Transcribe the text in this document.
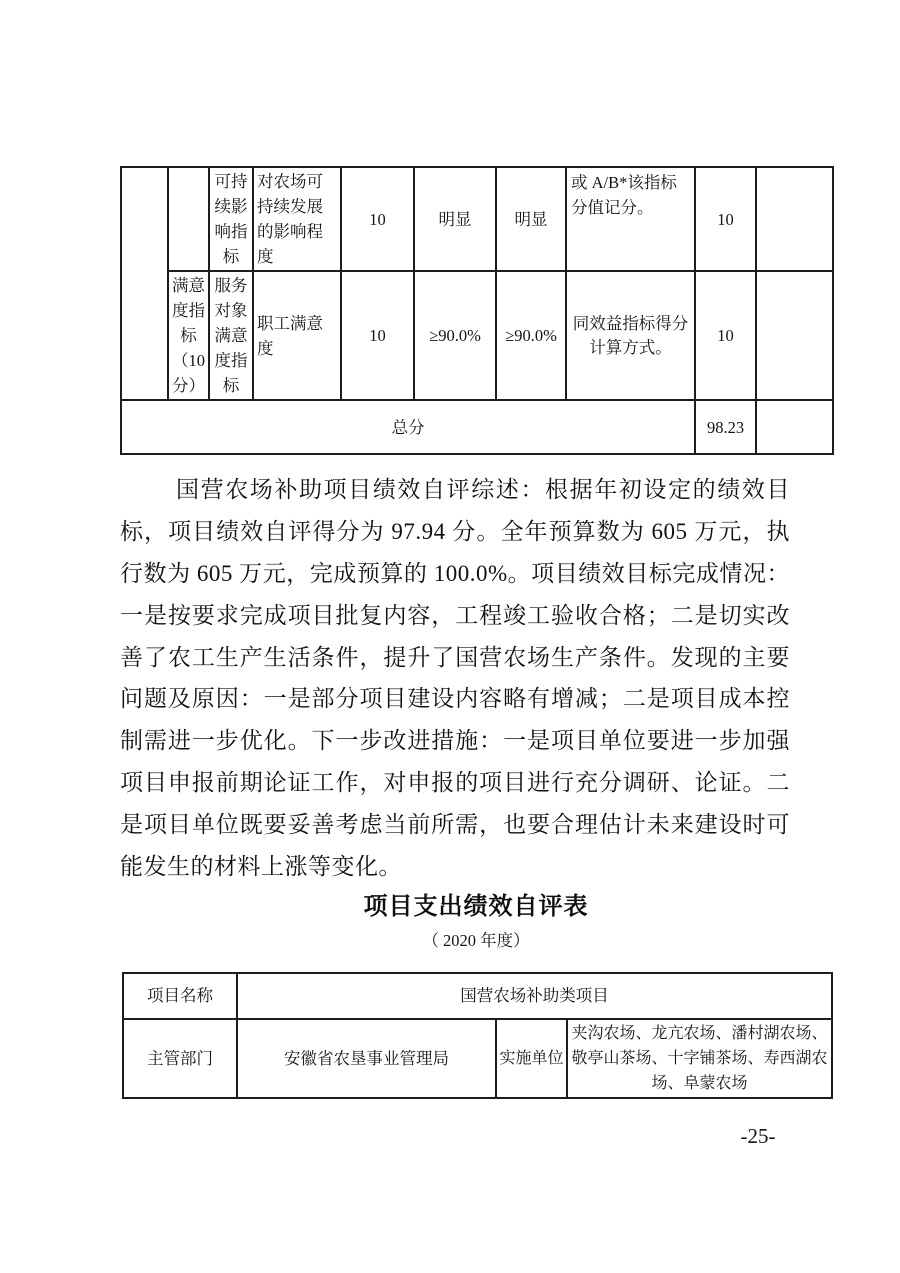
		可持续影响指标	对农场可持续发展的影响程度	10	明显	明显	或 A/B*该指标分值记分。	10	
	满意度指标（10分）	服务对象满意度指标	职工满意度	10	≥90.0%	≥90.0%	同效益指标得分计算方式。	10	
总分								98.23	
国营农场补助项目绩效自评综述：根据年初设定的绩效目
标，项目绩效自评得分为 97.94 分。全年预算数为 605 万元，执
行数为 605 万元，完成预算的 100.0%。项目绩效目标完成情况：
一是按要求完成项目批复内容，工程竣工验收合格；二是切实改
善了农工生产生活条件，提升了国营农场生产条件。发现的主要
问题及原因：一是部分项目建设内容略有增减；二是项目成本控
制需进一步优化。下一步改进措施：一是项目单位要进一步加强
项目申报前期论证工作，对申报的项目进行充分调研、论证。二
是项目单位既要妥善考虑当前所需，也要合理估计未来建设时可
能发生的材料上涨等变化。
项目支出绩效自评表
（ 2020 年度）
项目名称	国营农场补助类项目		
主管部门	安徽省农垦事业管理局	实施单位	夹沟农场、龙亢农场、潘村湖农场、敬亭山茶场、十字铺茶场、寿西湖农场、阜蒙农场
-25-
